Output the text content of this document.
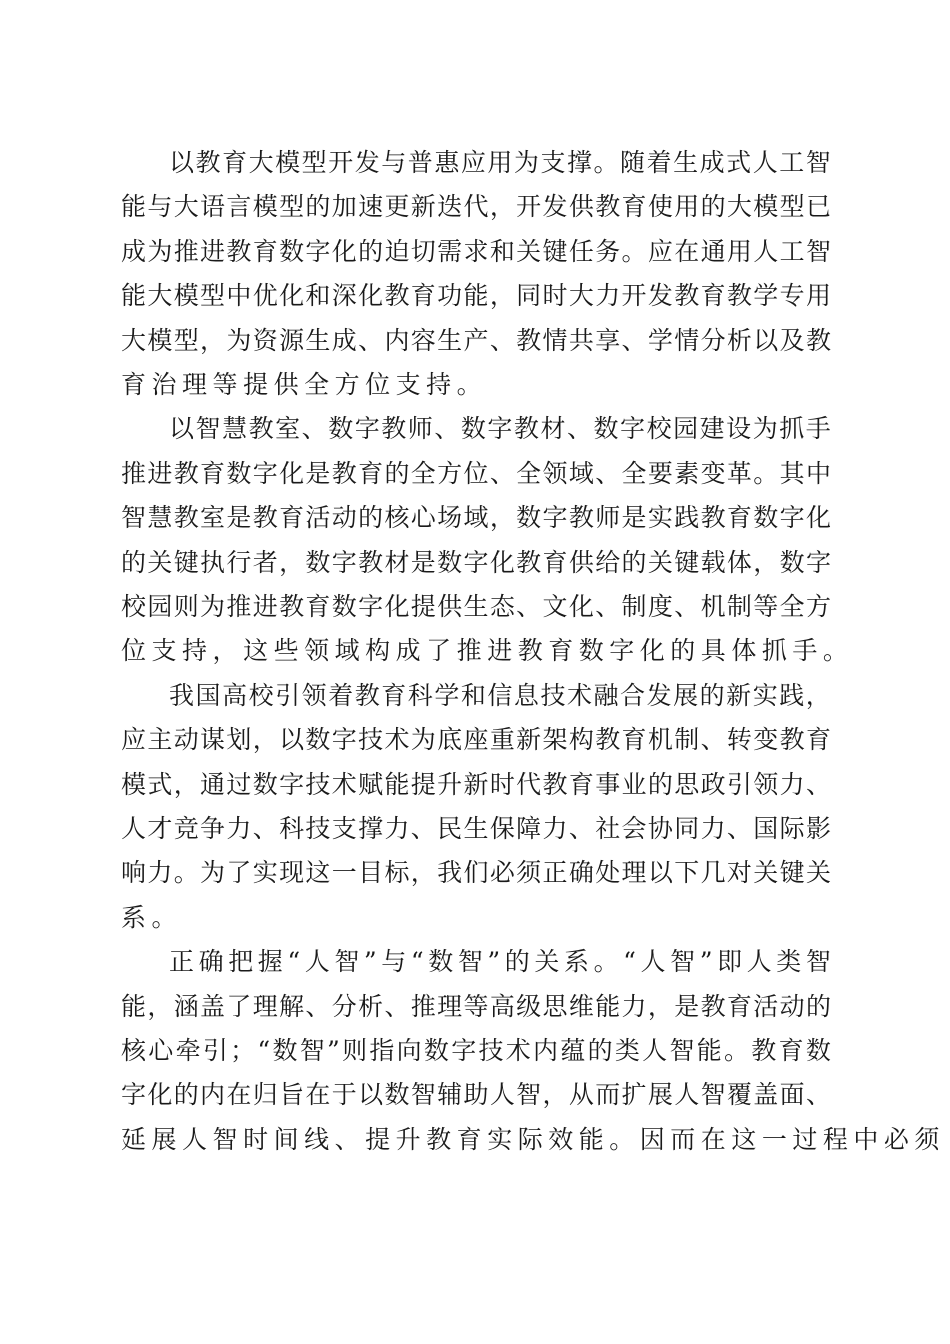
以 教 育 大 模 型 开 发 与 普 惠 应 用 为 支 撑 。 随 着 生 成 式 人 工 智
能 与 大 语 言 模 型 的 加 速 更 新 迭 代 ， 开 发 供 教 育 使 用 的 大 模 型 已
成 为 推 进 教 育 数 字 化 的 迫 切 需 求 和 关 键 任 务 。 应 在 通 用 人 工 智
能 大 模 型 中 优 化 和 深 化 教 育 功 能 ， 同 时 大 力 开 发 教 育 教 学 专 用
大 模 型 ， 为 资 源 生 成 、 内 容 生 产 、 教 情 共 享 、 学 情 分 析 以 及 教
育 治 理 等 提 供 全 方 位 支 持 。
以 智 慧 教 室 、 数 字 教 师 、 数 字 教 材 、 数 字 校 园 建 设 为 抓 手
推 进 教 育 数 字 化 是 教 育 的 全 方 位 、 全 领 域 、 全 要 素 变 革 。 其 中
智 慧 教 室 是 教 育 活 动 的 核 心 场 域 ， 数 字 教 师 是 实 践 教 育 数 字 化
的 关 键 执 行 者 ， 数 字 教 材 是 数 字 化 教 育 供 给 的 关 键 载 体 ， 数 字
校 园 则 为 推 进 教 育 数 字 化 提 供 生 态 、 文 化 、 制 度 、 机 制 等 全 方
位 支 持 ， 这 些 领 域 构 成 了 推 进 教 育 数 字 化 的 具 体 抓 手 。
我 国 高 校 引 领 着 教 育 科 学 和 信 息 技 术 融 合 发 展 的 新 实 践 ，
应 主 动 谋 划 ， 以 数 字 技 术 为 底 座 重 新 架 构 教 育 机 制 、 转 变 教 育
模 式 ， 通 过 数 字 技 术 赋 能 提 升 新 时 代 教 育 事 业 的 思 政 引 领 力 、
人 才 竞 争 力 、 科 技 支 撑 力 、 民 生 保 障 力 、 社 会 协 同 力 、 国 际 影
响 力 。 为 了 实 现 这 一 目 标 ， 我 们 必 须 正 确 处 理 以 下 几 对 关 键 关
系 。
正 确 把 握 “ 人 智 ” 与 “ 数 智 ” 的 关 系 。 “ 人 智 ” 即 人 类 智
能 ， 涵 盖 了 理 解 、 分 析 、 推 理 等 高 级 思 维 能 力 ， 是 教 育 活 动 的
核 心 牵 引 ； “ 数 智 ” 则 指 向 数 字 技 术 内 蕴 的 类 人 智 能 。 教 育 数
字 化 的 内 在 归 旨 在 于 以 数 智 辅 助 人 智 ， 从 而 扩 展 人 智 覆 盖 面 、
延 展 人 智 时 间 线 、 提 升 教 育 实 际 效 能 。 因 而 在 这 一 过 程 中 必 须
